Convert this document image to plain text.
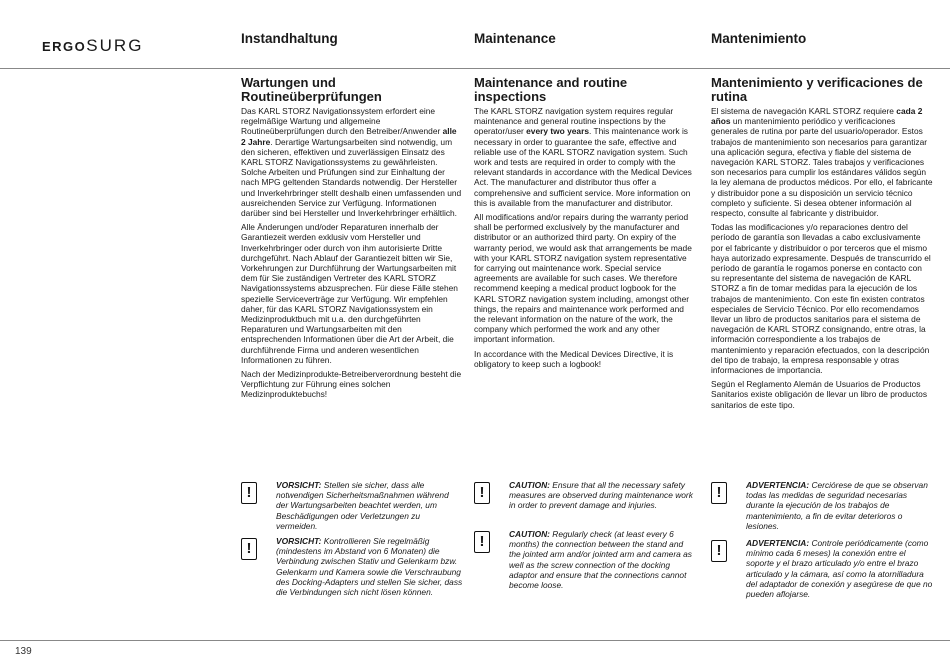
ERGOSURG	Instandhaltung	Maintenance	Mantenimiento
Wartungen und Routineüberprüfungen
Das KARL STORZ Navigationssystem erfordert eine regelmäßige Wartung und allgemeine Routineüberprüfungen durch den Betreiber/Anwender alle 2 Jahre. Derartige Wartungsarbeiten sind notwendig, um den sicheren, effektiven und zuverlässigen Einsatz des KARL STORZ Navigationssystems zu gewährleisten. Solche Arbeiten und Prüfungen sind zur Einhaltung der nach MPG geltenden Standards notwendig. Der Hersteller und Inverkehrbringer stellt deshalb einen umfassenden und ausreichenden Service zur Verfügung. Informationen darüber sind bei Hersteller und Inverkehrbringer erhältlich.
Alle Änderungen und/oder Reparaturen innerhalb der Garantiezeit werden exklusiv vom Hersteller und Inverkehrbringer oder durch von ihm autorisierte Dritte durchgeführt. Nach Ablauf der Garantiezeit bitten wir Sie, Vorkehrungen zur Durchführung der Wartungsarbeiten mit dem für Sie zuständigen Vertreter des KARL STORZ Navigationssystems abzusprechen. Für diese Fälle stehen spezielle Serviceverträge zur Verfügung. Wir empfehlen daher, für das KARL STORZ Navigationssystem ein Medizinproduktbuch mit u.a. den durchgeführten Reparaturen und Wartungsarbeiten mit den entsprechenden Informationen über die Art der Arbeit, die durchführende Firma und anderen wesentlichen Informationen zu führen.
Nach der Medizinprodukte-Betreiberverordnung besteht die Verpflichtung zur Führung eines solchen Medizinproduktebuchs!
!	VORSICHT: Stellen sie sicher, dass alle notwendigen Sicherheitsmaßnahmen während der Wartungsarbeiten beachtet werden, um Beschädigungen oder Verletzungen zu vermeiden.
!	VORSICHT: Kontrollieren Sie regelmäßig (mindestens im Abstand von 6 Monaten) die Verbindung zwischen Stativ und Gelenkarm bzw. Gelenkarm und Kamera sowie die Verschraubung des Docking-Adapters und stellen Sie sicher, dass die Verbindungen sich nicht lösen können.
Maintenance and routine inspections
The KARL STORZ navigation system requires regular maintenance and general routine inspections by the operator/user every two years. This maintenance work is necessary in order to guarantee the safe, effective and reliable use of the KARL STORZ navigation system. Such work and tests are required in order to comply with the relevant standards in accordance with the Medical Devices Act. The manufacturer and distributor thus offer a comprehensive and sufficient service. More information on this is available from the manufacturer and distributor.
All modifications and/or repairs during the warranty period shall be performed exclusively by the manufacturer and distributor or an authorized third party. On expiry of the warranty period, we would ask that arrangements be made with your KARL STORZ navigation system representative for carrying out maintenance work. Special service agreements are available for such cases. We therefore recommend keeping a medical product logbook for the KARL STORZ navigation system including, amongst other things, the repairs and maintenance work performed and the relevant information on the nature of the work, the company which performed the work and any other important information.
In accordance with the Medical Devices Directive, it is obligatory to keep such a logbook!
!	CAUTION: Ensure that all the necessary safety measures are observed during maintenance work in order to prevent damage and injuries.
!	CAUTION: Regularly check (at least every 6 months) the connection between the stand and the jointed arm and/or jointed arm and camera as well as the screw connection of the docking adaptor and ensure that the connections cannot become loose.
Mantenimiento y verificaciones de rutina
El sistema de navegación KARL STORZ requiere cada 2 años un mantenimiento periódico y verificaciones generales de rutina por parte del usuario/operador. Estos trabajos de mantenimiento son necesarios para garantizar una aplicación segura, efectiva y fiable del sistema de navegación KARL STORZ. Tales trabajos y verificaciones son necesarios para cumplir los estándares válidos según la ley alemana de productos médicos. Por ello, el fabricante y distribuidor pone a su disposición un servicio técnico completo y suficiente. Si desea obtener información al respecto, consulte al fabricante y distribuidor.
Todas las modificaciones y/o reparaciones dentro del período de garantía son llevadas a cabo exclusivamente por el fabricante y distribuidor o por terceros que el mismo haya autorizado expresamente. Después de transcurrido el período de garantía le rogamos ponerse en contacto con su representante del sistema de navegación de KARL STORZ a fin de tomar medidas para la ejecución de los trabajos de mantenimiento. Con este fin existen contratos especiales de Servicio Técnico. Por ello recomendamos llevar un libro de productos sanitarios para el sistema de navegación de KARL STORZ consignando, entre otras, la información correspondiente a los trabajos de mantenimiento y reparación efectuados, con la descripción del tipo de trabajo, la empresa responsable y otras informaciones de importancia.
Según el Reglamento Alemán de Usuarios de Productos Sanitarios existe obligación de llevar un libro de productos sanitarios de este tipo.
!	ADVERTENCIA: Cerciórese de que se observan todas las medidas de seguridad necesarias durante la ejecución de los trabajos de mantenimiento, a fin de evitar deterioros o lesiones.
!	ADVERTENCIA: Controle periódicamente (como mínimo cada 6 meses) la conexión entre el soporte y el brazo articulado y/o entre el brazo articulado y la cámara, así como la atornilladura del adaptador de conexión y asegúrese de que no pueden aflojarse.
139
